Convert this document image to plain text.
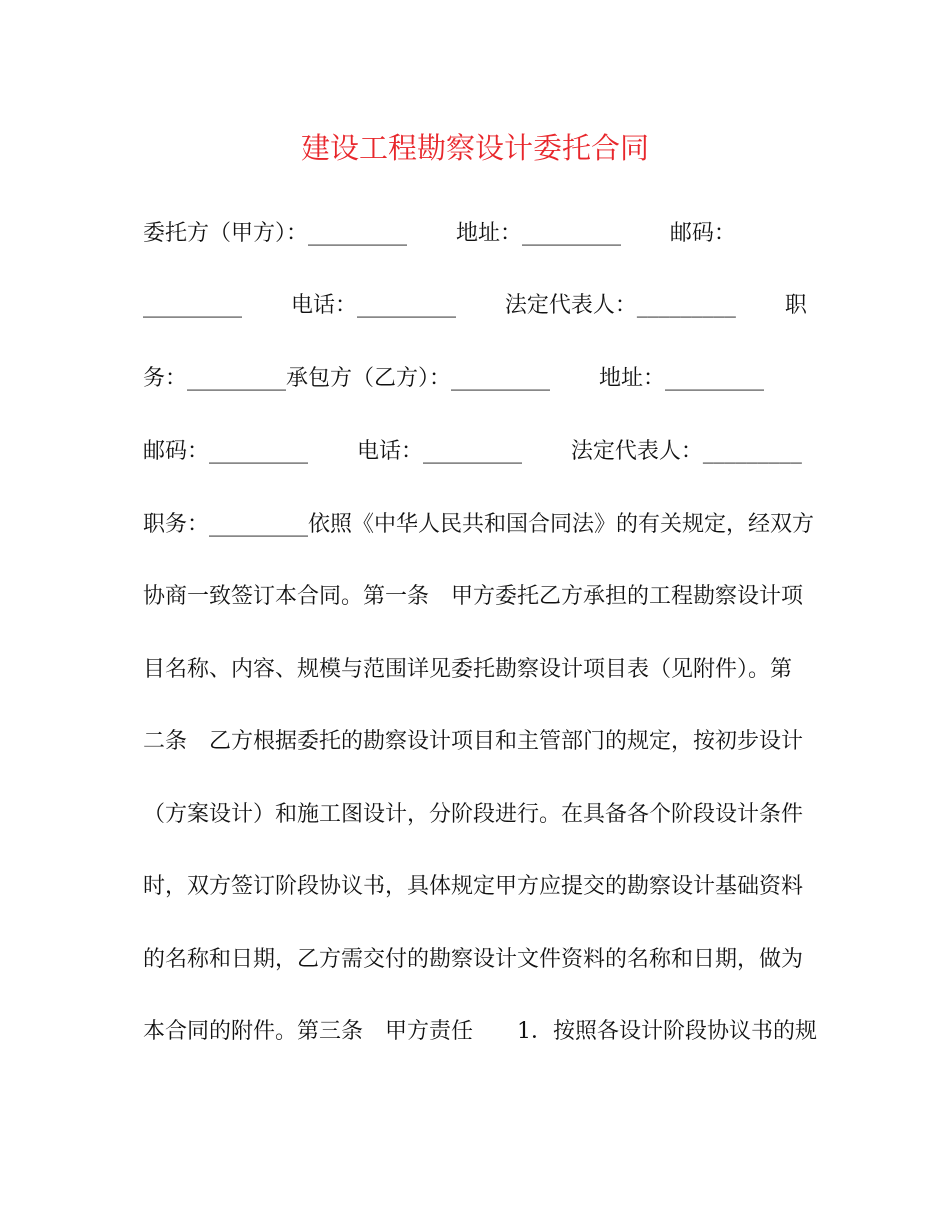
建设工程勘察设计委托合同
委托方（甲方）：_________       地址：_________       邮码：
_________       电话：_________       法定代表人：_________       职
务：_________承包方（乙方）：_________       地址：_________
邮码：_________       电话：_________       法定代表人：_________
职务：_________依照《中华人民共和国合同法》的有关规定，经双方
协商一致签订本合同。第一条　甲方委托乙方承担的工程勘察设计项
目名称、内容、规模与范围详见委托勘察设计项目表（见附件）。第
二条　乙方根据委托的勘察设计项目和主管部门的规定，按初步设计
（方案设计）和施工图设计，分阶段进行。在具备各个阶段设计条件
时，双方签订阶段协议书，具体规定甲方应提交的勘察设计基础资料
的名称和日期，乙方需交付的勘察设计文件资料的名称和日期，做为
本合同的附件。第三条　甲方责任　　1．按照各设计阶段协议书的规
